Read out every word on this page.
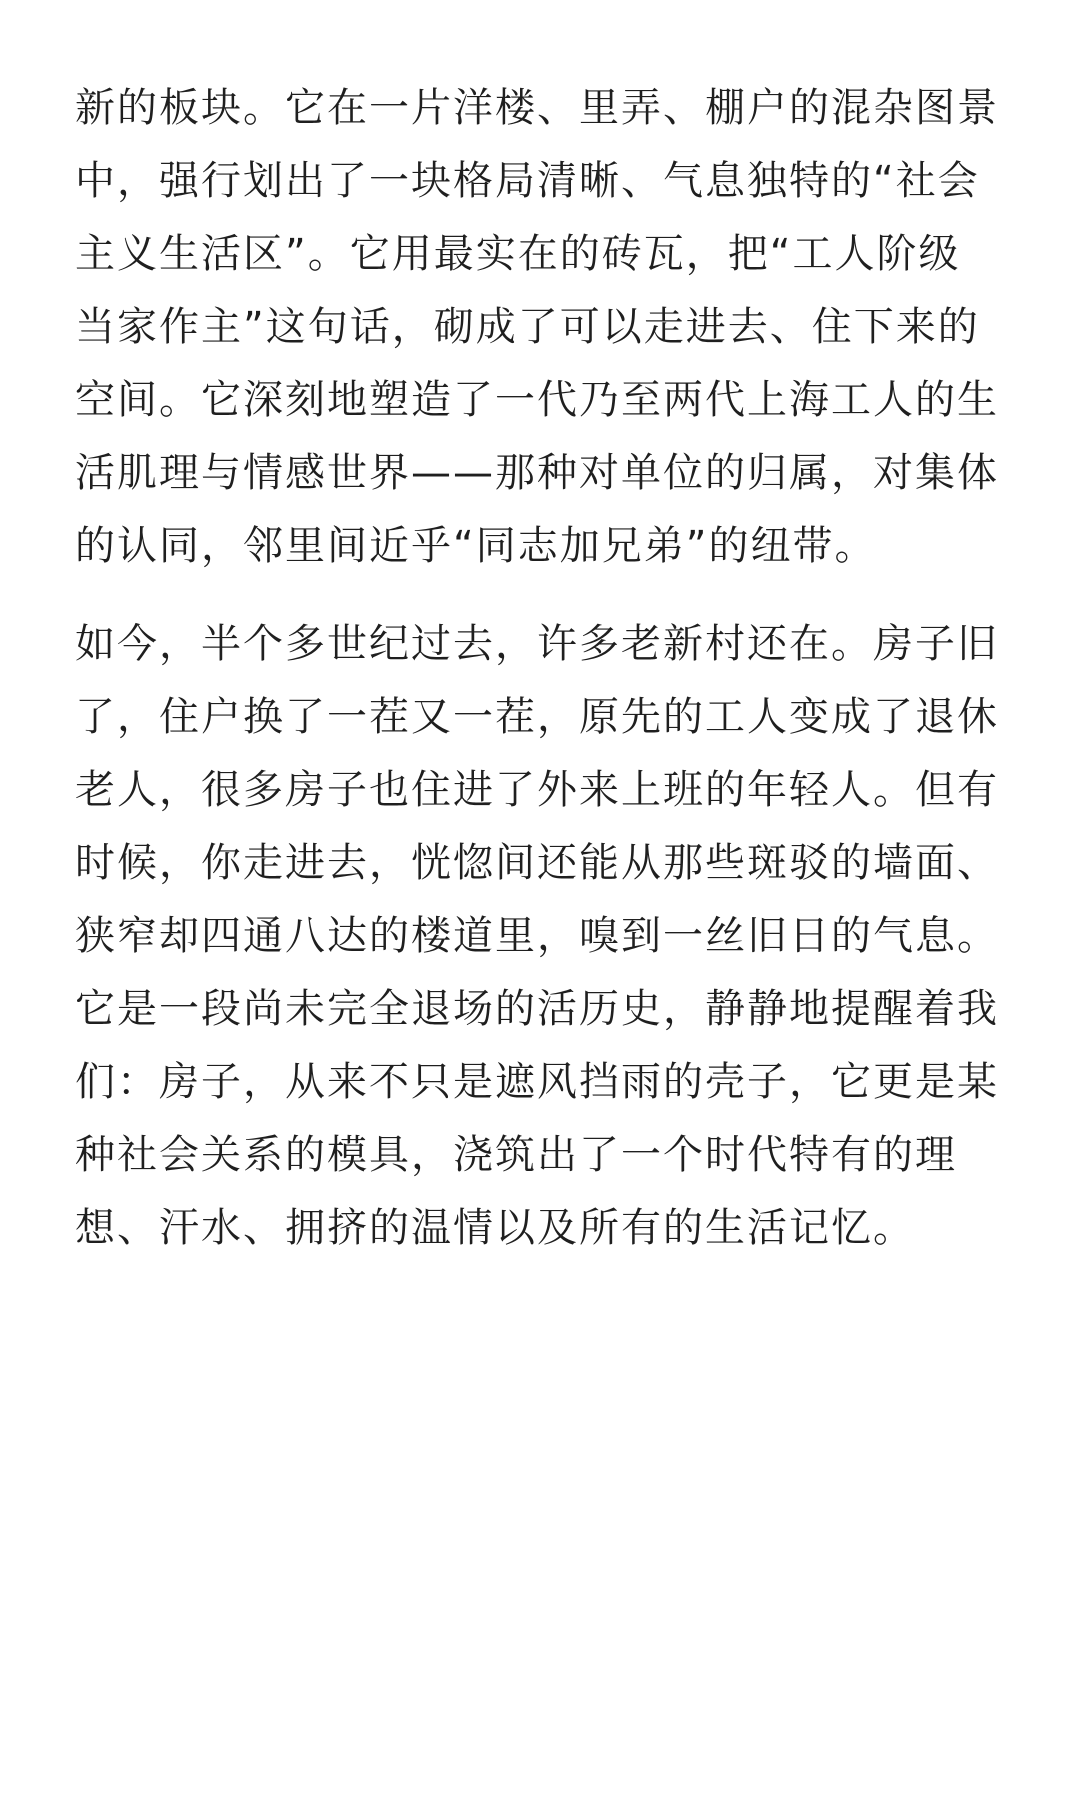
新的板块。它在一片洋楼、里弄、棚户的混杂图景
中，强行划出了一块格局清晰、气息独特的“社会
主义生活区”。它用最实在的砖瓦，把“工人阶级
当家作主”这句话，砌成了可以走进去、住下来的
空间。它深刻地塑造了一代乃至两代上海工人的生
活肌理与情感世界——那种对单位的归属，对集体
的认同，邻里间近乎“同志加兄弟”的纽带。

如今，半个多世纪过去，许多老新村还在。房子旧
了，住户换了一茬又一茬，原先的工人变成了退休
老人，很多房子也住进了外来上班的年轻人。但有
时候，你走进去，恍惚间还能从那些斑驳的墙面、
狭窄却四通八达的楼道里，嗅到一丝旧日的气息。
它是一段尚未完全退场的活历史，静静地提醒着我
们：房子，从来不只是遮风挡雨的壳子，它更是某
种社会关系的模具，浇筑出了一个时代特有的理
想、汗水、拥挤的温情以及所有的生活记忆。
